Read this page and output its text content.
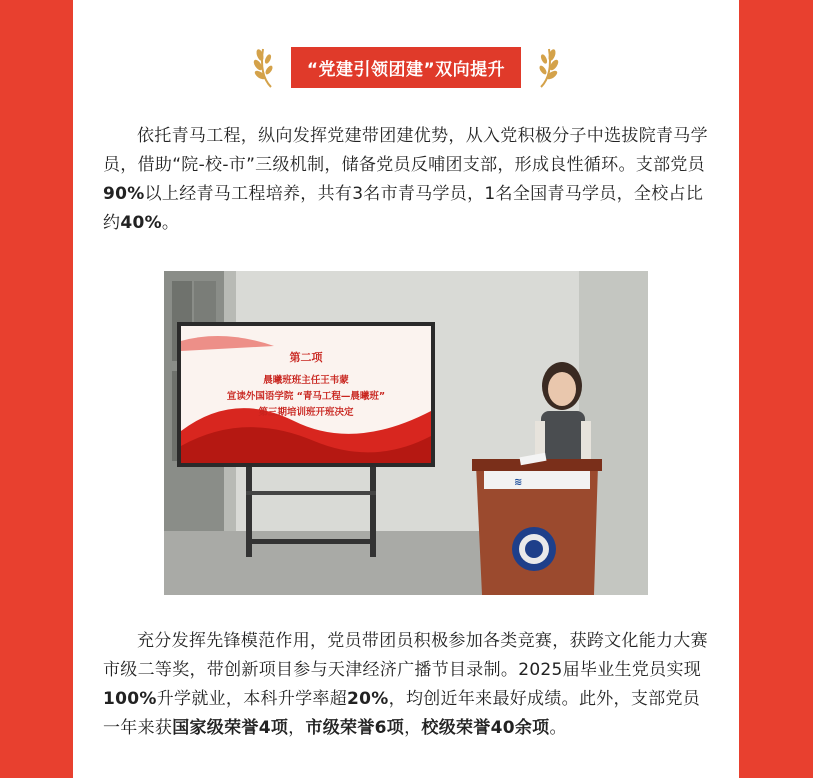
“党建引领团建”双向提升

依托青马工程，纵向发挥党建带团建优势，从入党积极分子中选拔院青马学员，借助“院-校-市”三级机制，储备党员反哺团支部，形成良性循环。支部党员90%以上经青马工程培养，共有3名市青马学员，1名全国青马学员，全校占比约40%。

第二项
晨曦班班主任王韦蒙
宣读外国语学院 “青马工程—晨曦班”
第三期培训班开班决定
≋

充分发挥先锋模范作用，党员带团员积极参加各类竞赛，获跨文化能力大赛市级二等奖，带创新项目参与天津经济广播节目录制。2025届毕业生党员实现100%升学就业，本科升学率超20%，均创近年来最好成绩。此外，支部党员一年来获国家级荣誉4项，市级荣誉6项，校级荣誉40余项。
